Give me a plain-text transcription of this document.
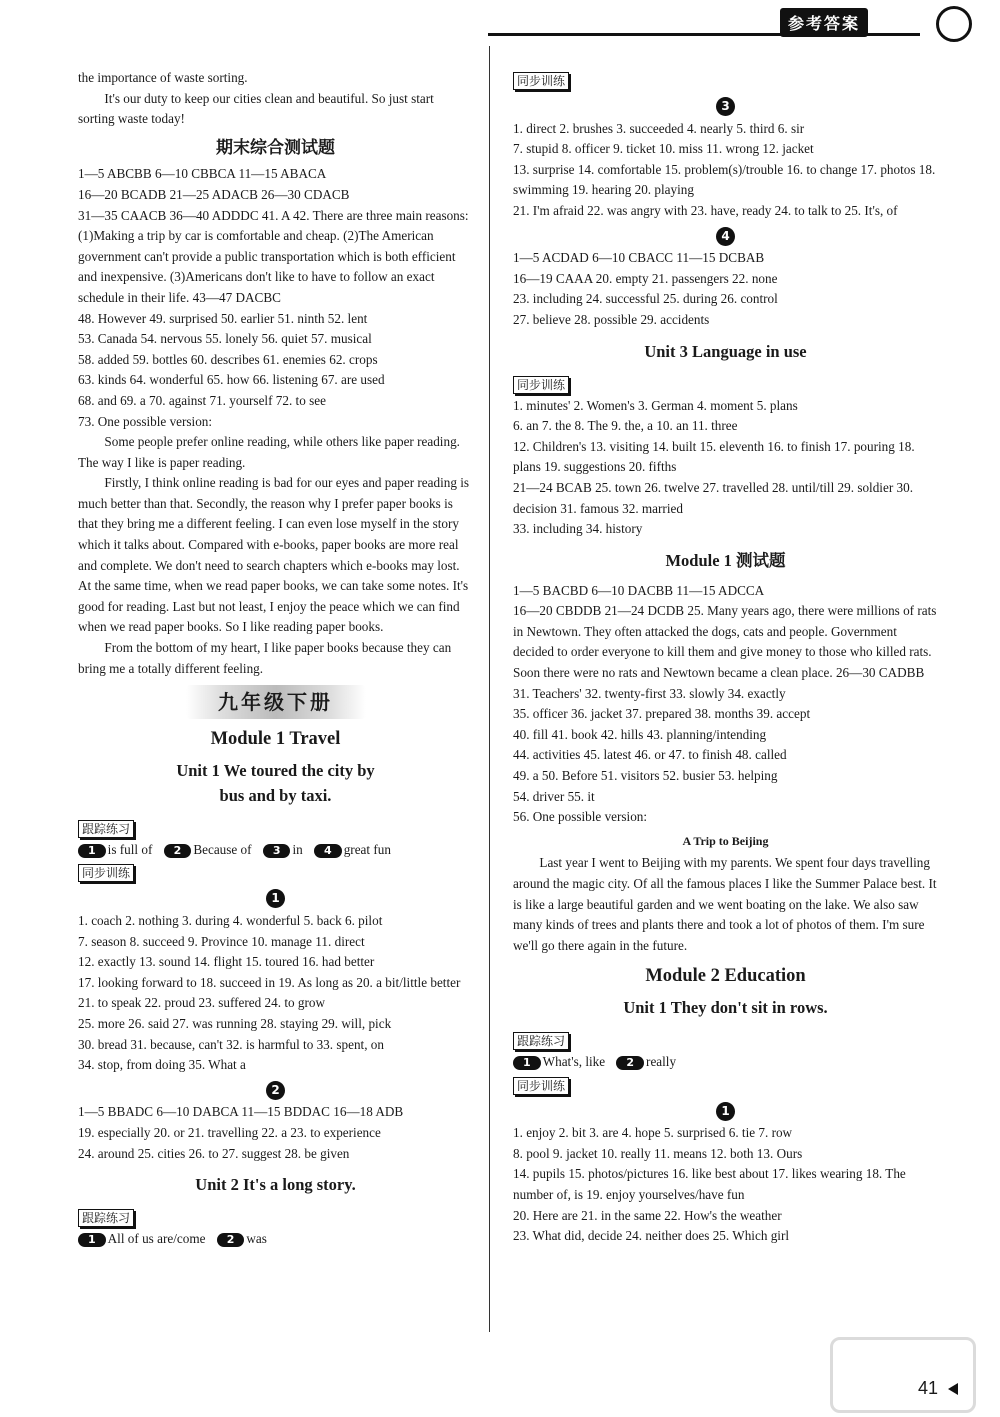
参考答案

the importance of waste sorting.

It's our duty to keep our cities clean and beautiful. So just start sorting waste today!

期末综合测试题

1—5 ABCBB 6—10 CBBCA 11—15 ABACA

16—20 BCADB 21—25 ADACB 26—30 CDACB

31—35 CAACB 36—40 ADDDC 41. A 42. There are three main reasons: (1)Making a trip by car is comfortable and cheap. (2)The American government can't provide a public transportation which is both efficient and inexpensive. (3)Americans don't like to have to follow an exact schedule in their life. 43—47 DACBC

48. However 49. surprised 50. earlier 51. ninth 52. lent

53. Canada 54. nervous 55. lonely 56. quiet 57. musical

58. added 59. bottles 60. describes 61. enemies 62. crops

63. kinds 64. wonderful 65. how 66. listening 67. are used

68. and 69. a 70. against 71. yourself 72. to see

73. One possible version:

Some people prefer online reading, while others like paper reading. The way I like is paper reading.

Firstly, I think online reading is bad for our eyes and paper reading is much better than that. Secondly, the reason why I prefer paper books is that they bring me a different feeling. I can even lose myself in the story which it talks about. Compared with e-books, paper books are more real and complete. We don't need to search chapters which e-books may lost. At the same time, when we read paper books, we can take some notes. It's good for reading. Last but not least, I enjoy the peace which we can find when we read paper books. So I like reading paper books.

From the bottom of my heart, I like paper books because they can bring me a totally different feeling.

九年级下册
Module 1 Travel
Unit 1 We toured the city by
bus and by taxi.
跟踪练习

1 is full of 2 Because of 3 in 4 great fun

同步训练
1

1. coach 2. nothing 3. during 4. wonderful 5. back 6. pilot

7. season 8. succeed 9. Province 10. manage 11. direct

12. exactly 13. sound 14. flight 15. toured 16. had better

17. looking forward to 18. succeed in 19. As long as 20. a bit/little better 21. to speak 22. proud 23. suffered 24. to grow

25. more 26. said 27. was running 28. staying 29. will, pick

30. bread 31. because, can't 32. is harmful to 33. spent, on

34. stop, from doing 35. What a

2

1—5 BBADC 6—10 DABCA 11—15 BDDAC 16—18 ADB

19. especially 20. or 21. travelling 22. a 23. to experience

24. around 25. cities 26. to 27. suggest 28. be given

Unit 2 It's a long story.
跟踪练习

1 All of us are/come 2 was

同步训练
3

1. direct 2. brushes 3. succeeded 4. nearly 5. third 6. sir

7. stupid 8. officer 9. ticket 10. miss 11. wrong 12. jacket

13. surprise 14. comfortable 15. problem(s)/trouble 16. to change 17. photos 18. swimming 19. hearing 20. playing

21. I'm afraid 22. was angry with 23. have, ready 24. to talk to 25. It's, of

4

1—5 ACDAD 6—10 CBACC 11—15 DCBAB

16—19 CAAA 20. empty 21. passengers 22. none

23. including 24. successful 25. during 26. control

27. believe 28. possible 29. accidents

Unit 3 Language in use
同步训练

1. minutes' 2. Women's 3. German 4. moment 5. plans

6. an 7. the 8. The 9. the, a 10. an 11. three

12. Children's 13. visiting 14. built 15. eleventh 16. to finish 17. pouring 18. plans 19. suggestions 20. fifths

21—24 BCAB 25. town 26. twelve 27. travelled 28. until/till 29. soldier 30. decision 31. famous 32. married

33. including 34. history

Module 1 测试题

1—5 BACBD 6—10 DACBB 11—15 ADCCA

16—20 CBDDB 21—24 DCDB 25. Many years ago, there were millions of rats in Newtown. They often attacked the dogs, cats and people. Government decided to order everyone to kill them and give money to those who killed rats. Soon there were no rats and Newtown became a clean place. 26—30 CADBB

31. Teachers' 32. twenty-first 33. slowly 34. exactly

35. officer 36. jacket 37. prepared 38. months 39. accept

40. fill 41. book 42. hills 43. planning/intending

44. activities 45. latest 46. or 47. to finish 48. called

49. a 50. Before 51. visitors 52. busier 53. helping

54. driver 55. it

56. One possible version:

A Trip to Beijing

Last year I went to Beijing with my parents. We spent four days travelling around the magic city. Of all the famous places I like the Summer Palace best. It is like a large beautiful garden and we went boating on the lake. We also saw many kinds of trees and plants there and took a lot of photos of them. I'm sure we'll go there again in the future.

Module 2 Education
Unit 1 They don't sit in rows.
跟踪练习

1 What's, like 2 really

同步训练
1

1. enjoy 2. bit 3. are 4. hope 5. surprised 6. tie 7. row

8. pool 9. jacket 10. really 11. means 12. both 13. Ours

14. pupils 15. photos/pictures 16. like best about 17. likes wearing 18. The number of, is 19. enjoy yourselves/have fun

20. Here are 21. in the same 22. How's the weather

23. What did, decide 24. neither does 25. Which girl

41
